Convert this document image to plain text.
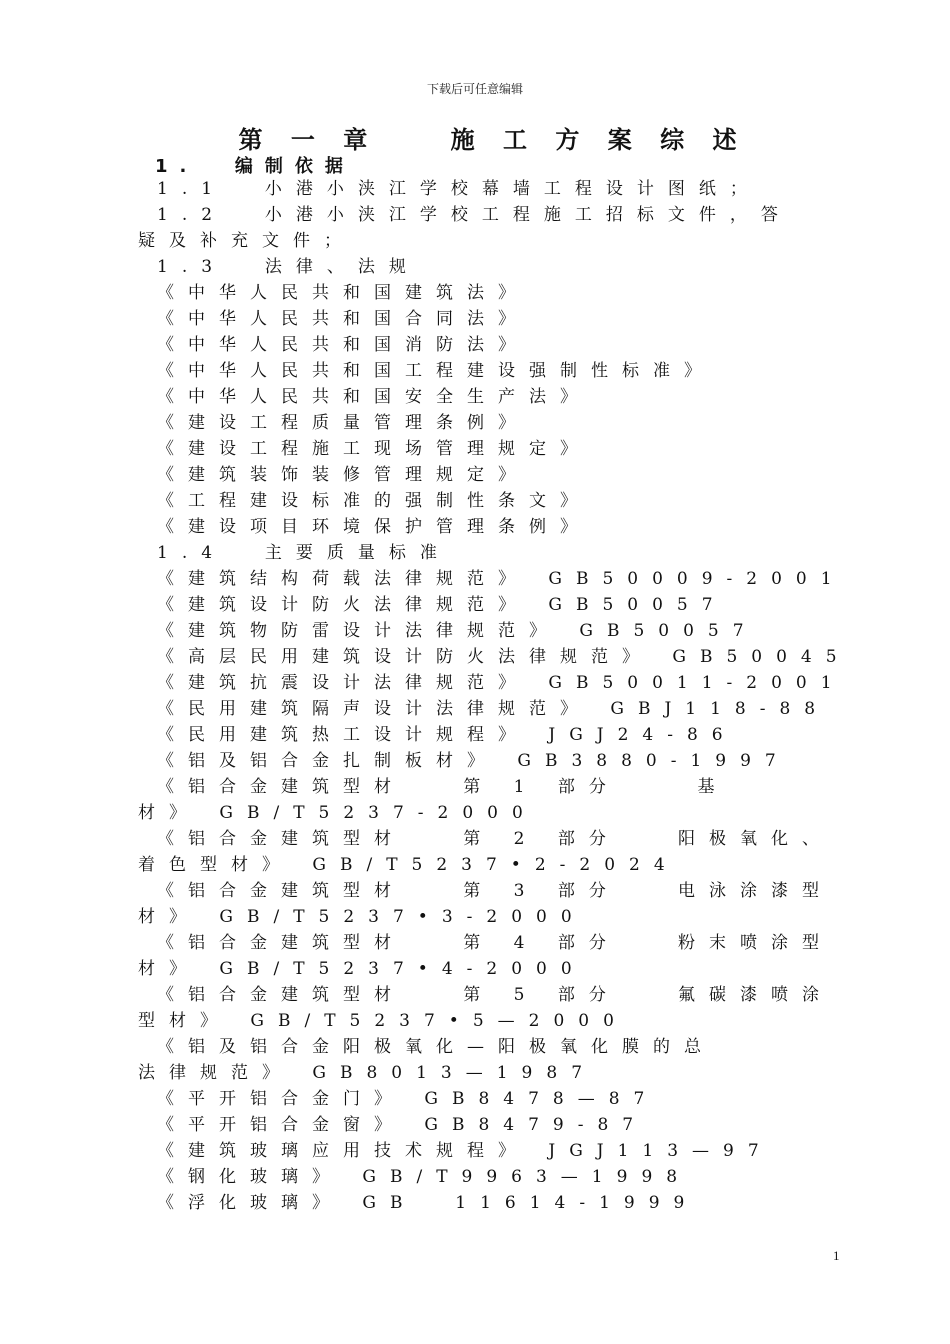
下载后可任意编辑
第 一 章    施 工 方 案 综 述
1.  编制依据
1.1  小港小浃江学校幕墙工程设计图纸；
1.2  小港小浃江学校工程施工招标文件，答
疑及补充文件；
1.3  法律、法规
《中华人民共和国建筑法》
《中华人民共和国合同法》
《中华人民共和国消防法》
《中华人民共和国工程建设强制性标准》
《中华人民共和国安全生产法》
《建设工程质量管理条例》
《建设工程施工现场管理规定》
《建筑装饰装修管理规定》
《工程建设标准的强制性条文》
《建设项目环境保护管理条例》
1.4  主要质量标准
《建筑结构荷载法律规范》 GB50009-2001
《建筑设计防火法律规范》 GB50057
《建筑物防雷设计法律规范》 GB50057
《高层民用建筑设计防火法律规范》 GB50045
《建筑抗震设计法律规范》 GB50011-2001
《民用建筑隔声设计法律规范》 GBJ118-88
《民用建筑热工设计规程》 JGJ24-86
《铝及铝合金扎制板材》 GB3880-1997
《铝合金建筑型材   第 1 部分    基
材》 GB/T5237-2000
《铝合金建筑型材   第 2 部分   阳极氧化、
着色型材》 GB/T5237•2-2024
《铝合金建筑型材   第 3 部分   电泳涂漆型
材》 GB/T5237•3-2000
《铝合金建筑型材   第 4 部分   粉末喷涂型
材》 GB/T5237•4-2000
《铝合金建筑型材   第 5 部分   氟碳漆喷涂
型材》 GB/T5237•5—2000
《铝及铝合金阳极氧化—阳极氧化膜的总
法律规范》 GB8013—1987
《平开铝合金门》 GB8478—87
《平开铝合金窗》 GB8479-87
《建筑玻璃应用技术规程》 JGJ113—97
《钢化玻璃》 GB/T9963—1998
《浮化玻璃》 GB  11614-1999
1
